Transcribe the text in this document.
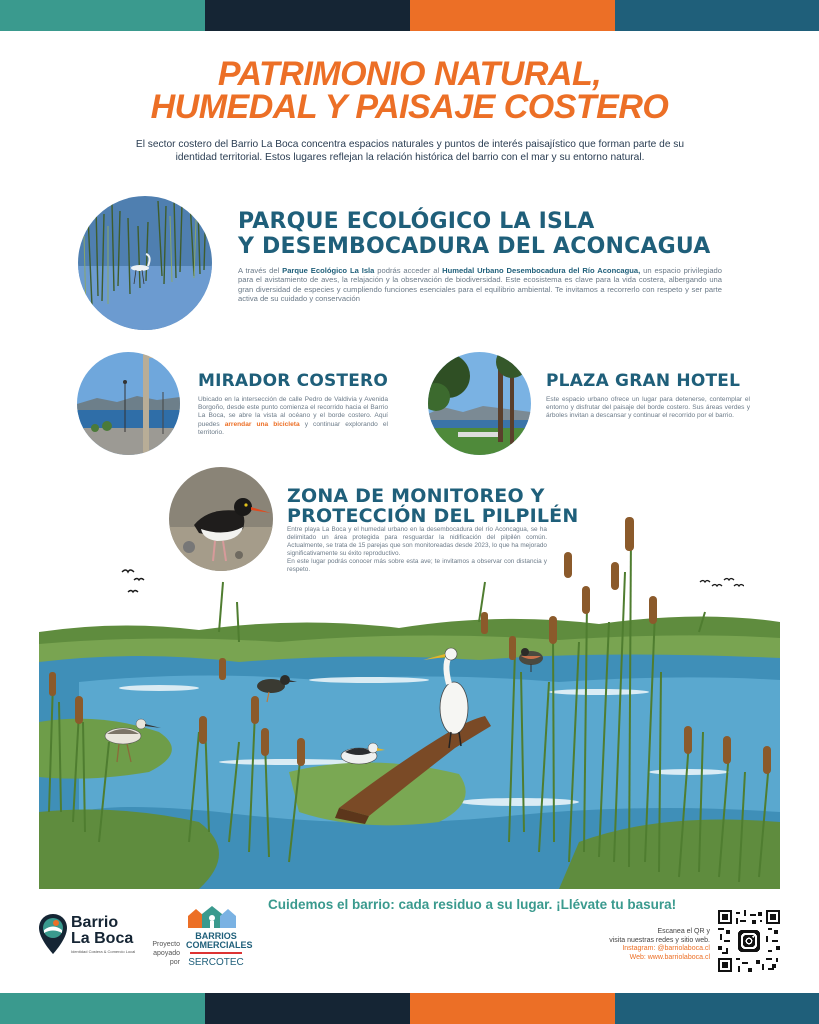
PATRIMONIO NATURAL,
HUMEDAL Y PAISAJE COSTERO

El sector costero del Barrio La Boca concentra espacios naturales y puntos de interés paisajístico que forman parte de su identidad territorial. Estos lugares reflejan la relación histórica del barrio con el mar y su entorno natural.

PARQUE ECOLÓGICO LA ISLA
Y DESEMBOCADURA DEL ACONCAGUA

A través del Parque Ecológico La Isla podrás acceder al Humedal Urbano Desembocadura del Río Aconcagua, un espacio privilegiado para el avistamiento de aves, la relajación y la observación de biodiversidad. Este ecosistema es clave para la vida costera, albergando una gran diversidad de especies y cumpliendo funciones esenciales para el equilibrio ambiental. Te invitamos a recorrerlo con respeto y ser parte activa de su cuidado y conservación

MIRADOR COSTERO

Ubicado en la intersección de calle Pedro de Valdivia y Avenida Borgoño, desde este punto comienza el recorrido hacia el Barrio La Boca, se abre la vista al océano y el borde costero. Aquí puedes arrendar una bicicleta y continuar explorando el territorio.

PLAZA GRAN HOTEL

Este espacio urbano ofrece un lugar para detenerse, contemplar el entorno y disfrutar del paisaje del borde costero. Sus áreas verdes y árboles invitan a descansar y continuar el recorrido por el barrio.

ZONA DE MONITOREO Y
PROTECCIÓN DEL PILPILÉN

Entre playa La Boca y el humedal urbano en la desembocadura del río Aconcagua, se ha delimitado un área protegida para resguardar la nidificación del pilpilén común. Actualmente, se trata de 15 parejas que son monitoreadas desde 2023, lo que ha mejorado significativamente su éxito reproductivo.

En este lugar podrás conocer más sobre esta ave; te invitamos a observar con distancia y respeto.

Cuidemos el barrio: cada residuo a su lugar. ¡Llévate tu basura!

Barrio
La Boca
Identidad Costera & Comercio Local
Proyecto
apoyado
por
BARRIOS
COMERCIALES
SERCOTEC
Escanea el QR y
visita nuestras redes y sitio web.
Instagram: @barriolaboca.cl
Web: www.barriolaboca.cl
